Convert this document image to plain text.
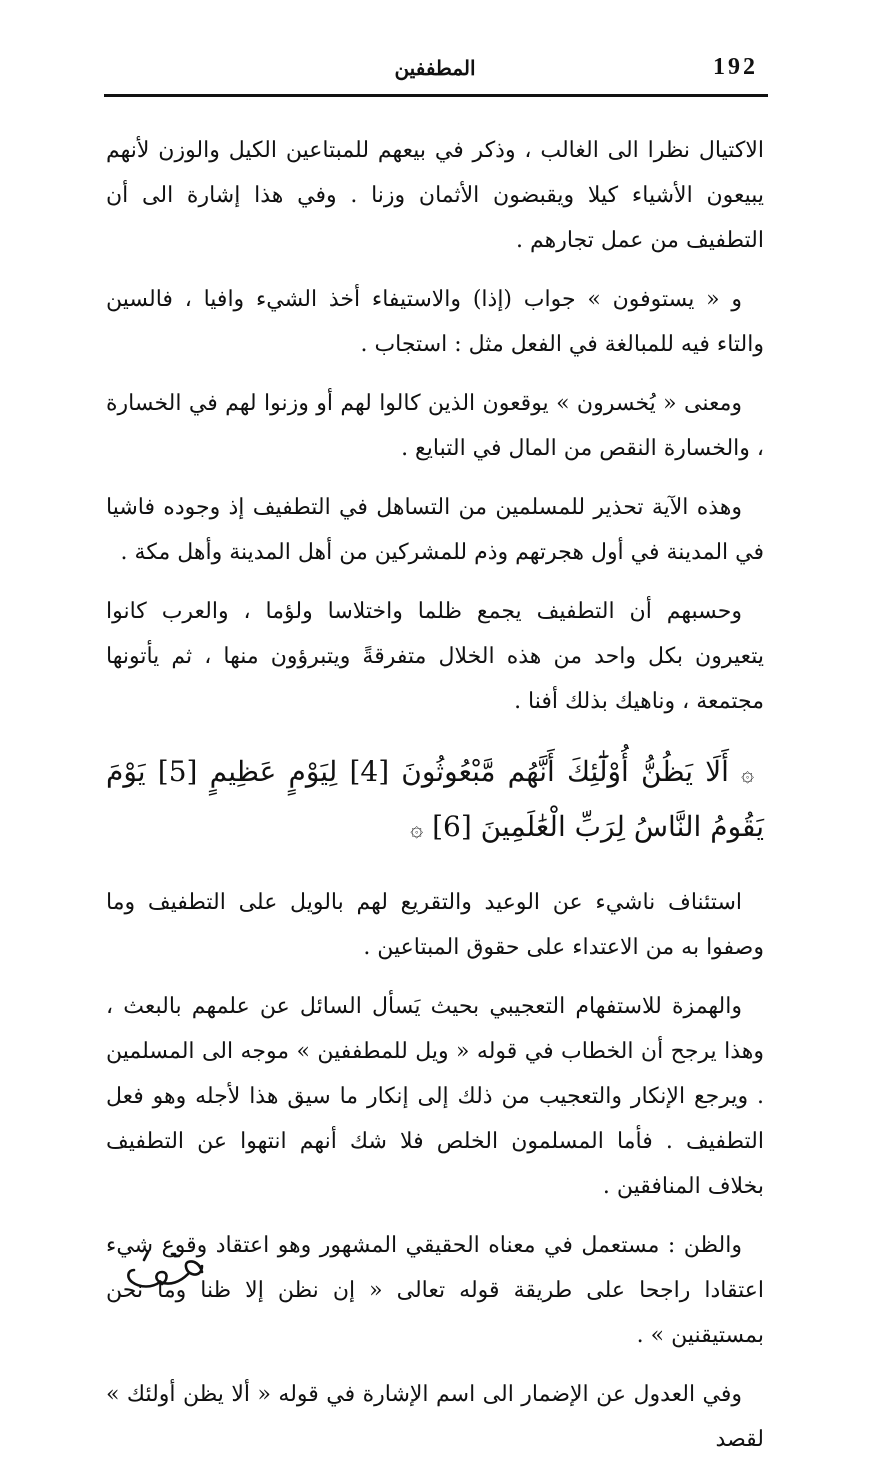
192
المطففين

الاكتيال نظرا الى الغالب ، وذكر في بيعهم للمبتاعين الكيل والوزن لأنهم يبيعون الأشياء كيلا ويقبضون الأثمان وزنا . وفي هذا إشارة الى أن التطفيف من عمل تجارهم .

و « يستوفون » جواب (إذا) والاستيفاء أخذ الشيء وافيا ، فالسين والتاء فيه للمبالغة في الفعل مثل : استجاب .

ومعنى « يُخسرون » يوقعون الذين كالوا لهم أو وزنوا لهم في الخسارة ، والخسارة النقص من المال في التبايع .

وهذه الآية تحذير للمسلمين من التساهل في التطفيف إذ وجوده فاشيا في المدينة في أول هجرتهم وذم للمشركين من أهل المدينة وأهل مكة .

وحسبهم أن التطفيف يجمع ظلما واختلاسا ولؤما ، والعرب كانوا يتعيرون بكل واحد من هذه الخلال متفرقةً ويتبرؤون منها ، ثم يأتونها مجتمعة ، وناهيك بذلك أفنا .

۞ أَلَا يَظُنُّ أُوْلَٰٓئِكَ أَنَّهُم مَّبْعُوثُونَ [4] لِيَوْمٍ عَظِيمٍ [5] يَوْمَ يَقُومُ النَّاسُ لِرَبِّ الْعَٰلَمِينَ [6] ۞

استئناف ناشيء عن الوعيد والتقريع لهم بالويل على التطفيف وما وصفوا به من الاعتداء على حقوق المبتاعين .

والهمزة للاستفهام التعجيبي بحيث يَسأل السائل عن علمهم بالبعث ، وهذا يرجح أن الخطاب في قوله « ويل للمطففين » موجه الى المسلمين . ويرجع الإنكار والتعجيب من ذلك إلى إنكار ما سيق هذا لأجله وهو فعل التطفيف . فأما المسلمون الخلص فلا شك أنهم انتهوا عن التطفيف بخلاف المنافقين .

والظن : مستعمل في معناه الحقيقي المشهور وهو اعتقاد وقوع شيء اعتقادا راجحا على طريقة قوله تعالى « إن نظن إلا ظنا وما نحن بمستيقنين » .

وفي العدول عن الإضمار الى اسم الإشارة في قوله « ألا يظن أولئك » لقصد
